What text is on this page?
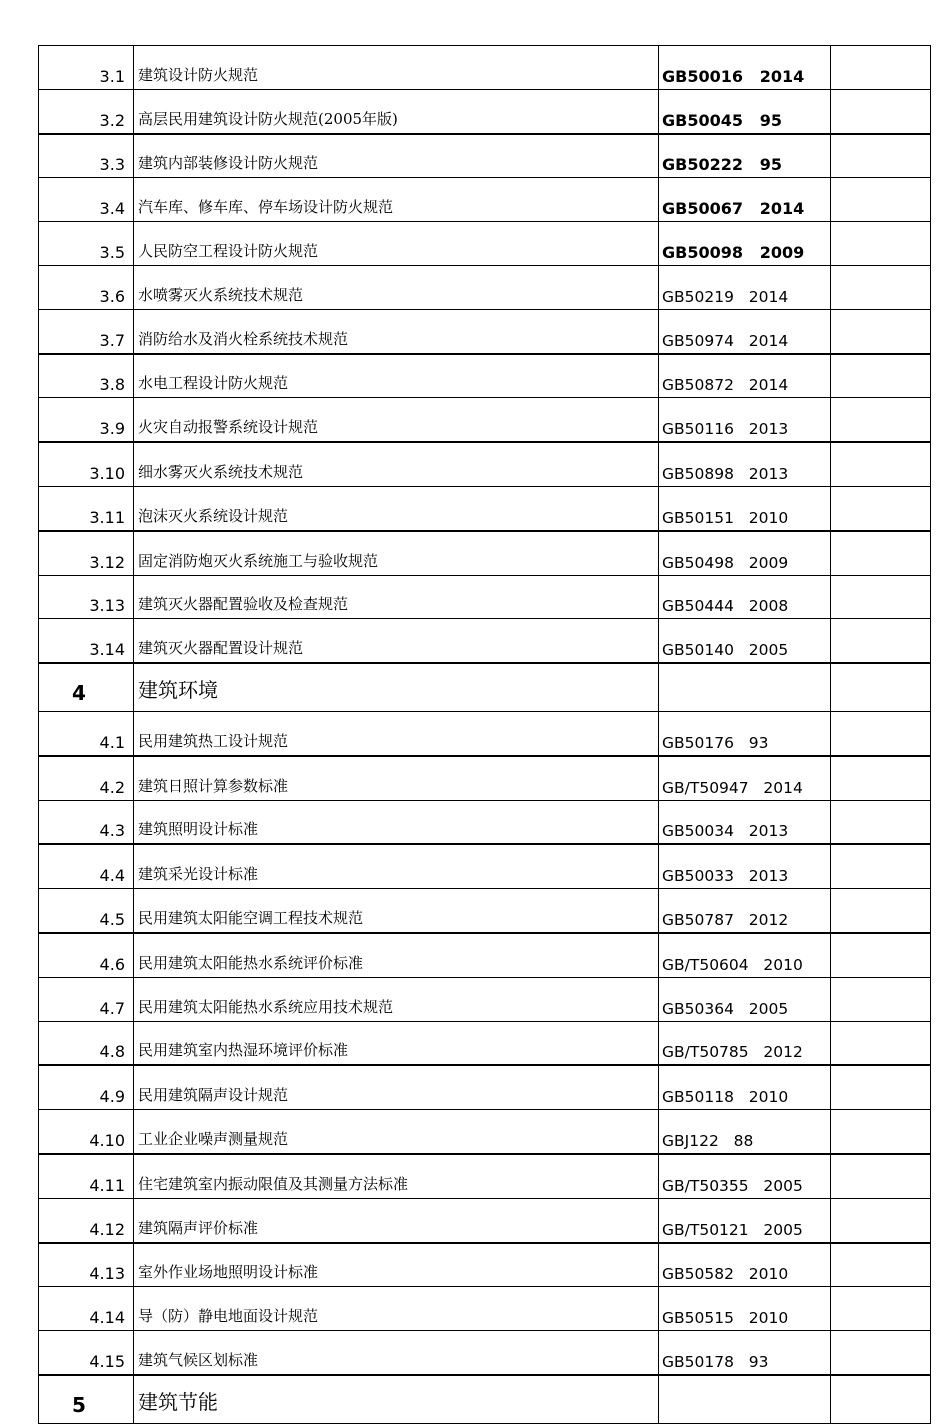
3.1	建筑设计防火规范	GB50016   2014	
3.2	高层民用建筑设计防火规范(2005年版)	GB50045   95	
3.3	建筑内部装修设计防火规范	GB50222   95	
3.4	汽车库、修车库、停车场设计防火规范	GB50067   2014	
3.5	人民防空工程设计防火规范	GB50098   2009	
3.6	水喷雾灭火系统技术规范	GB50219   2014	
3.7	消防给水及消火栓系统技术规范	GB50974   2014	
3.8	水电工程设计防火规范	GB50872   2014	
3.9	火灾自动报警系统设计规范	GB50116   2013	
3.10	细水雾灭火系统技术规范	GB50898   2013	
3.11	泡沫灭火系统设计规范	GB50151   2010	
3.12	固定消防炮灭火系统施工与验收规范	GB50498   2009	
3.13	建筑灭火器配置验收及检查规范	GB50444   2008	
3.14	建筑灭火器配置设计规范	GB50140   2005	
4	建筑环境		
4.1	民用建筑热工设计规范	GB50176   93	
4.2	建筑日照计算参数标准	GB/T50947   2014	
4.3	建筑照明设计标准	GB50034   2013	
4.4	建筑采光设计标准	GB50033   2013	
4.5	民用建筑太阳能空调工程技术规范	GB50787   2012	
4.6	民用建筑太阳能热水系统评价标准	GB/T50604   2010	
4.7	民用建筑太阳能热水系统应用技术规范	GB50364   2005	
4.8	民用建筑室内热湿环境评价标准	GB/T50785   2012	
4.9	民用建筑隔声设计规范	GB50118   2010	
4.10	工业企业噪声测量规范	GBJ122   88	
4.11	住宅建筑室内振动限值及其测量方法标准	GB/T50355   2005	
4.12	建筑隔声评价标准	GB/T50121   2005	
4.13	室外作业场地照明设计标准	GB50582   2010	
4.14	导（防）静电地面设计规范	GB50515   2010	
4.15	建筑气候区划标准	GB50178   93	
5	建筑节能		
